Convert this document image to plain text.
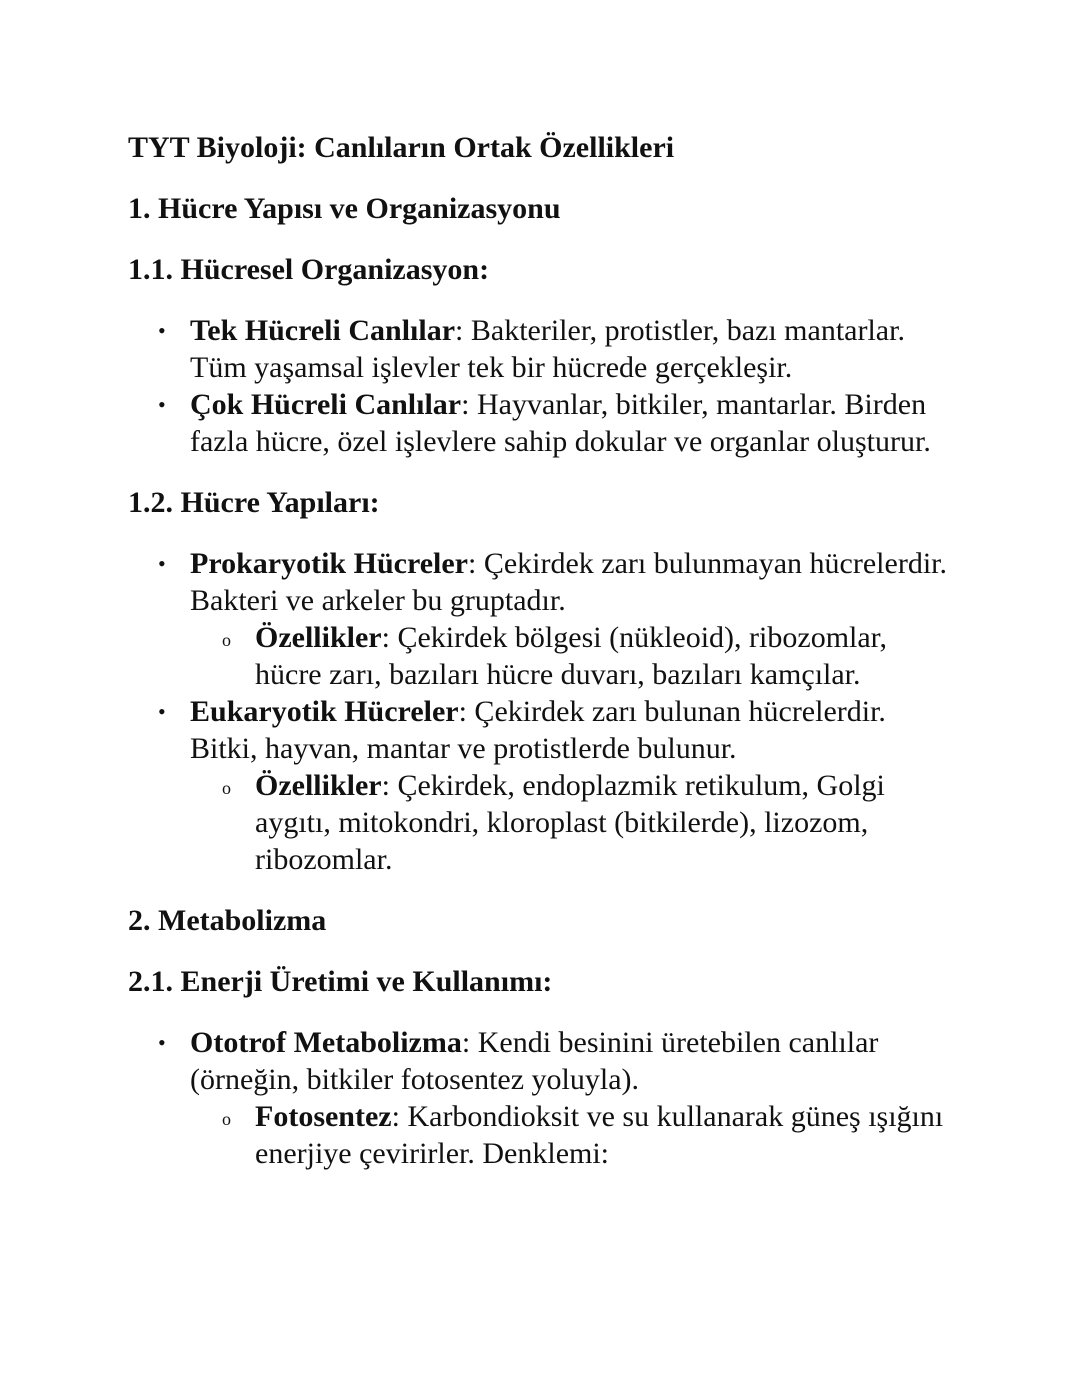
TYT Biyoloji: Canlıların Ortak Özellikleri
1. Hücre Yapısı ve Organizasyonu
1.1. Hücresel Organizasyon:
• Tek Hücreli Canlılar: Bakteriler, protistler, bazı mantarlar. Tüm yaşamsal işlevler tek bir hücrede gerçekleşir.
• Çok Hücreli Canlılar: Hayvanlar, bitkiler, mantarlar. Birden fazla hücre, özel işlevlere sahip dokular ve organlar oluşturur.
1.2. Hücre Yapıları:
• Prokaryotik Hücreler: Çekirdek zarı bulunmayan hücrelerdir. Bakteri ve arkeler bu gruptadır.
o Özellikler: Çekirdek bölgesi (nükleoid), ribozomlar, hücre zarı, bazıları hücre duvarı, bazıları kamçılar.
• Eukaryotik Hücreler: Çekirdek zarı bulunan hücrelerdir. Bitki, hayvan, mantar ve protistlerde bulunur.
o Özellikler: Çekirdek, endoplazmik retikulum, Golgi aygıtı, mitokondri, kloroplast (bitkilerde), lizozom, ribozomlar.
2. Metabolizma
2.1. Enerji Üretimi ve Kullanımı:
• Ototrof Metabolizma: Kendi besinini üretebilen canlılar (örneğin, bitkiler fotosentez yoluyla).
o Fotosentez: Karbondioksit ve su kullanarak güneş ışığını enerjiye çevirirler. Denklemi:
